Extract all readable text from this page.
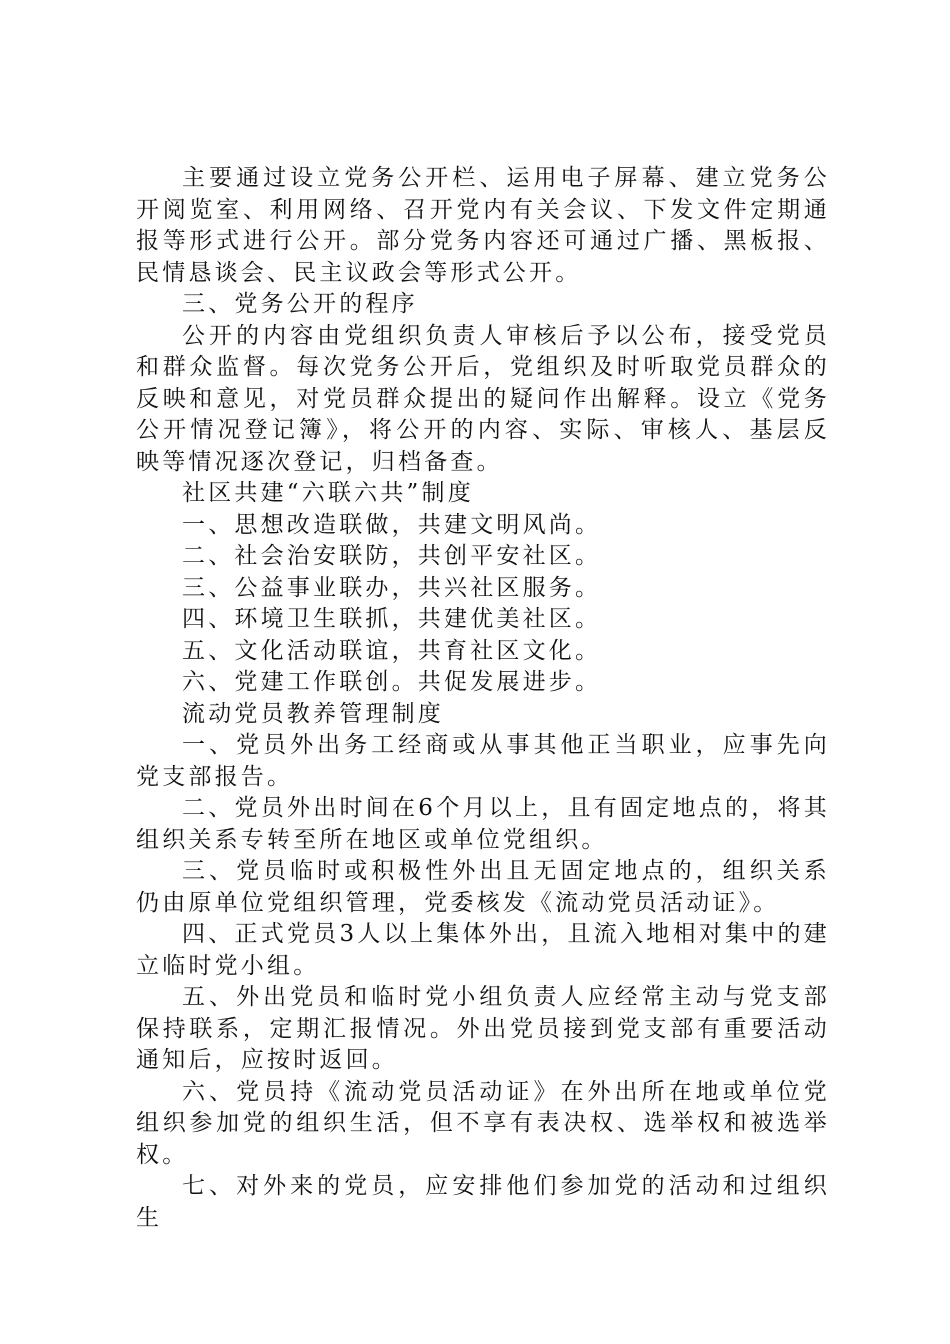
主要通过设立党务公开栏、运用电子屏幕、建立党务公开阅览室、利用网络、召开党内有关会议、下发文件定期通报等形式进行公开。部分党务内容还可通过广播、黑板报、民情恳谈会、民主议政会等形式公开。

三、党务公开的程序

公开的内容由党组织负责人审核后予以公布，接受党员和群众监督。每次党务公开后，党组织及时听取党员群众的反映和意见，对党员群众提出的疑问作出解释。设立《党务公开情况登记簿》，将公开的内容、实际、审核人、基层反映等情况逐次登记，归档备查。

社区共建“六联六共”制度

一、思想改造联做，共建文明风尚。

二、社会治安联防，共创平安社区。

三、公益事业联办，共兴社区服务。

四、环境卫生联抓，共建优美社区。

五、文化活动联谊，共育社区文化。

六、党建工作联创。共促发展进步。

流动党员教养管理制度

一、党员外出务工经商或从事其他正当职业，应事先向党支部报告。

二、党员外出时间在6个月以上，且有固定地点的，将其组织关系专转至所在地区或单位党组织。

三、党员临时或积极性外出且无固定地点的，组织关系仍由原单位党组织管理，党委核发《流动党员活动证》。

四、正式党员3人以上集体外出，且流入地相对集中的建立临时党小组。

五、外出党员和临时党小组负责人应经常主动与党支部保持联系，定期汇报情况。外出党员接到党支部有重要活动通知后，应按时返回。

六、党员持《流动党员活动证》在外出所在地或单位党组织参加党的组织生活，但不享有表决权、选举权和被选举权。

七、对外来的党员，应安排他们参加党的活动和过组织生
